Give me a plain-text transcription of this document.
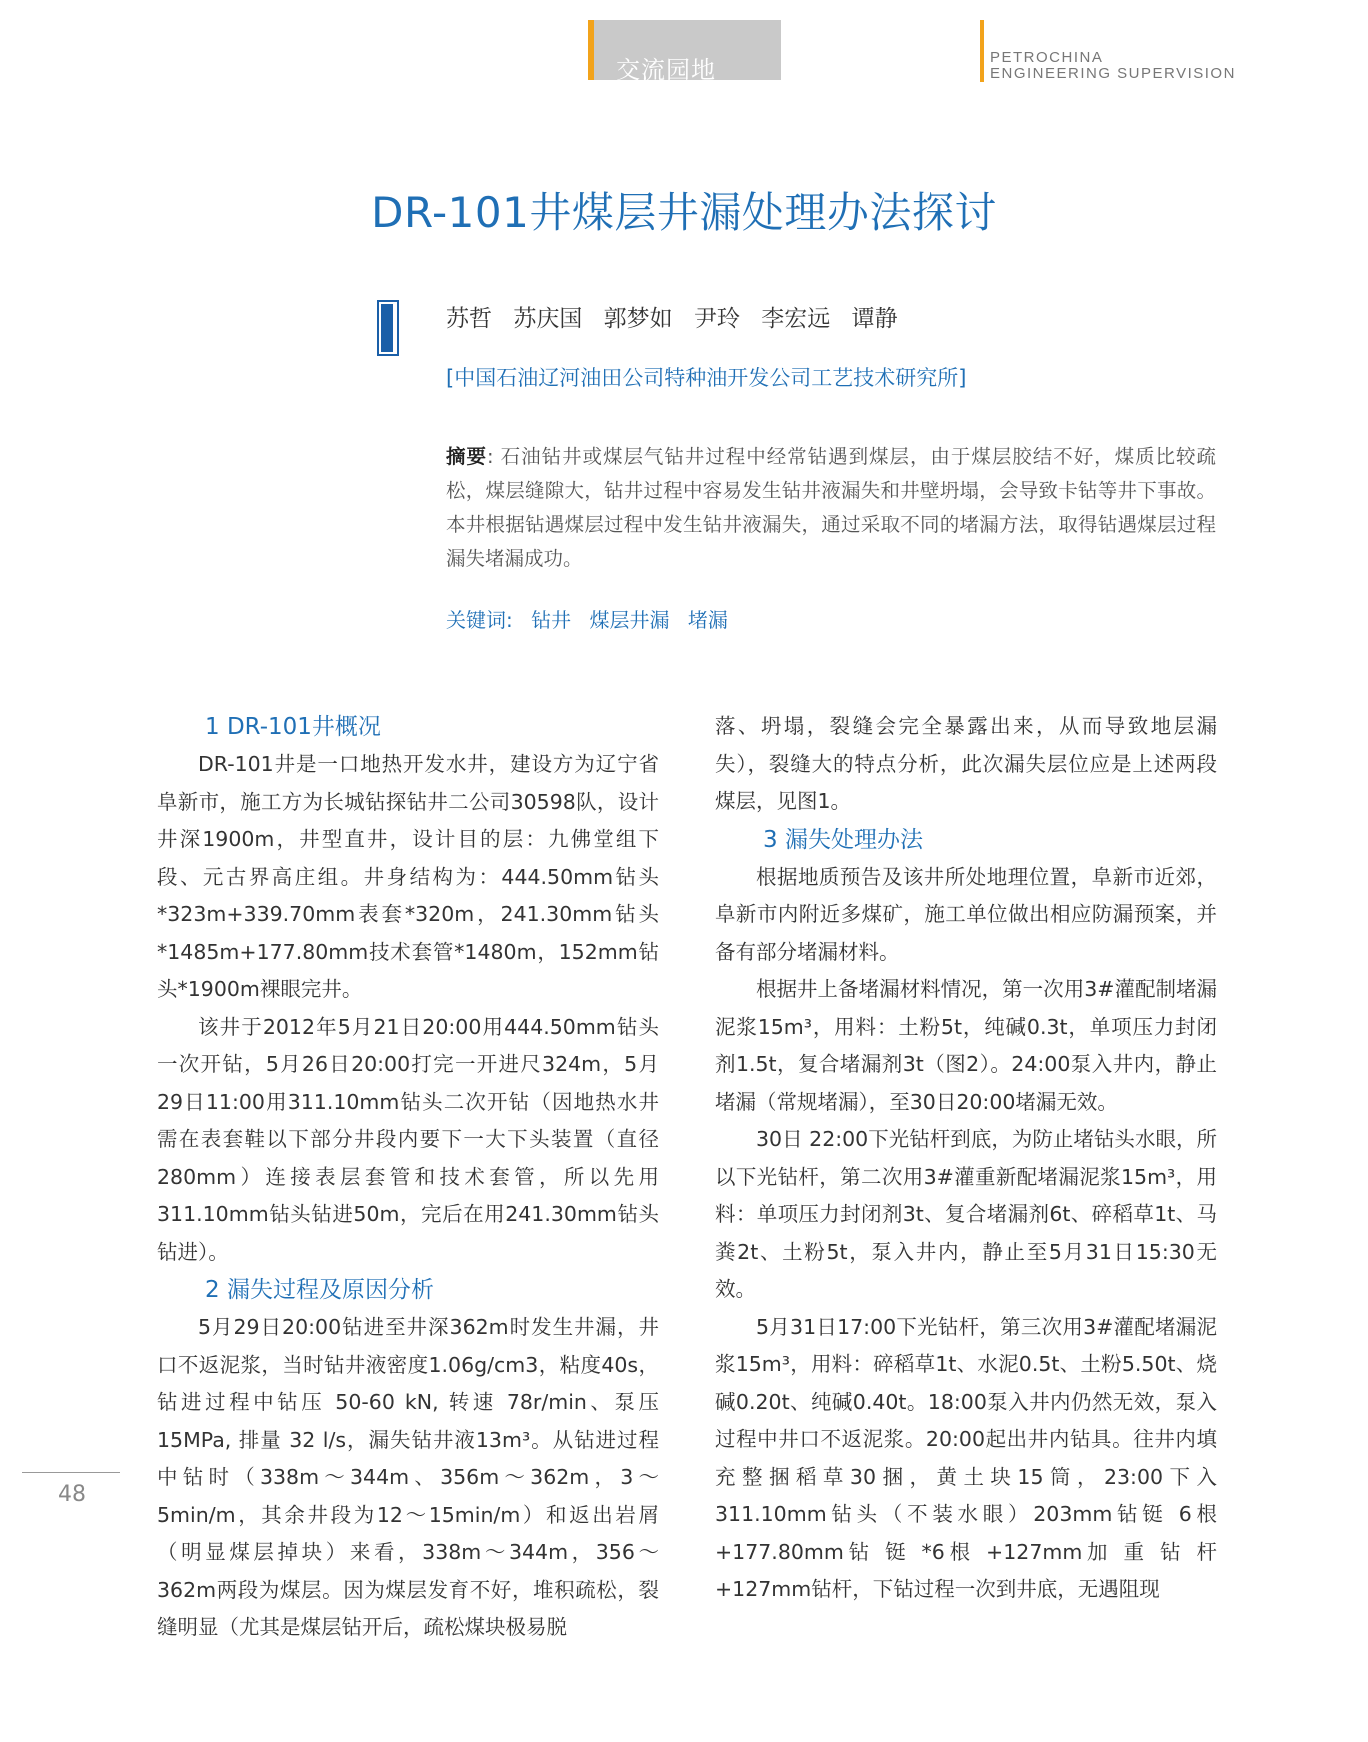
交流园地	PETROCHINA
ENGINEERING SUPERVISION
DR-101井煤层井漏处理办法探讨
苏哲 苏庆国 郭梦如 尹玲 李宏远 谭静
[中国石油辽河油田公司特种油开发公司工艺技术研究所]

摘要: 石油钻井或煤层气钻井过程中经常钻遇到煤层，由于煤层胶结不好，煤质比较疏松，煤层缝隙大，钻井过程中容易发生钻井液漏失和井壁坍塌，会导致卡钻等井下事故。本井根据钻遇煤层过程中发生钻井液漏失，通过采取不同的堵漏方法，取得钻遇煤层过程漏失堵漏成功。

关键词: 钻井 煤层井漏 堵漏
1 DR-101井概况

DR-101井是一口地热开发水井，建设方为辽宁省阜新市，施工方为长城钻探钻井二公司30598队，设计井深1900m，井型直井，设计目的层：九佛堂组下段、元古界高庄组。井身结构为：444.50mm钻头*323m+339.70mm表套*320m，241.30mm钻头*1485m+177.80mm技术套管*1480m，152mm钻头*1900m裸眼完井。

该井于2012年5月21日20:00用444.50mm钻头一次开钻，5月26日20:00打完一开进尺324m，5月29日11:00用311.10mm钻头二次开钻（因地热水井需在表套鞋以下部分井段内要下一大下头装置（直径280mm）连接表层套管和技术套管，所以先用311.10mm钻头钻进50m，完后在用241.30mm钻头钻进）。

2 漏失过程及原因分析

5月29日20:00钻进至井深362m时发生井漏，井口不返泥浆，当时钻井液密度1.06g/cm3，粘度40s，钻进过程中钻压 50-60 kN, 转速 78r/min、泵压 15MPa, 排量 32 l/s，漏失钻井液13m³。从钻进过程中钻时（338m～344m、356m～362m，3～5min/m，其余井段为12～15min/m）和返出岩屑（明显煤层掉块）来看，338m～344m，356～362m两段为煤层。因为煤层发育不好，堆积疏松，裂缝明显（尤其是煤层钻开后，疏松煤块极易脱

落、坍塌，裂缝会完全暴露出来，从而导致地层漏失），裂缝大的特点分析，此次漏失层位应是上述两段煤层，见图1。

3 漏失处理办法

根据地质预告及该井所处地理位置，阜新市近郊，阜新市内附近多煤矿，施工单位做出相应防漏预案，并备有部分堵漏材料。

根据井上备堵漏材料情况，第一次用3#灌配制堵漏泥浆15m³，用料：土粉5t，纯碱0.3t，单项压力封闭剂1.5t，复合堵漏剂3t（图2）。24:00泵入井内，静止堵漏（常规堵漏），至30日20:00堵漏无效。

30日 22:00下光钻杆到底，为防止堵钻头水眼，所以下光钻杆，第二次用3#灌重新配堵漏泥浆15m³，用料：单项压力封闭剂3t、复合堵漏剂6t、碎稻草1t、马粪2t、土粉5t，泵入井内，静止至5月31日15:30无效。

5月31日17:00下光钻杆，第三次用3#灌配堵漏泥浆15m³，用料：碎稻草1t、水泥0.5t、土粉5.50t、烧碱0.20t、纯碱0.40t。18:00泵入井内仍然无效，泵入过程中井口不返泥浆。20:00起出井内钻具。往井内填充整捆稻草30捆，黄土块15筒，23:00下入311.10mm钻头（不装水眼）203mm钻铤 6根 +177.80mm钻 铤 *6根 +127mm加 重 钻 杆 +127mm钻杆，下钻过程一次到井底，无遇阻现

48
